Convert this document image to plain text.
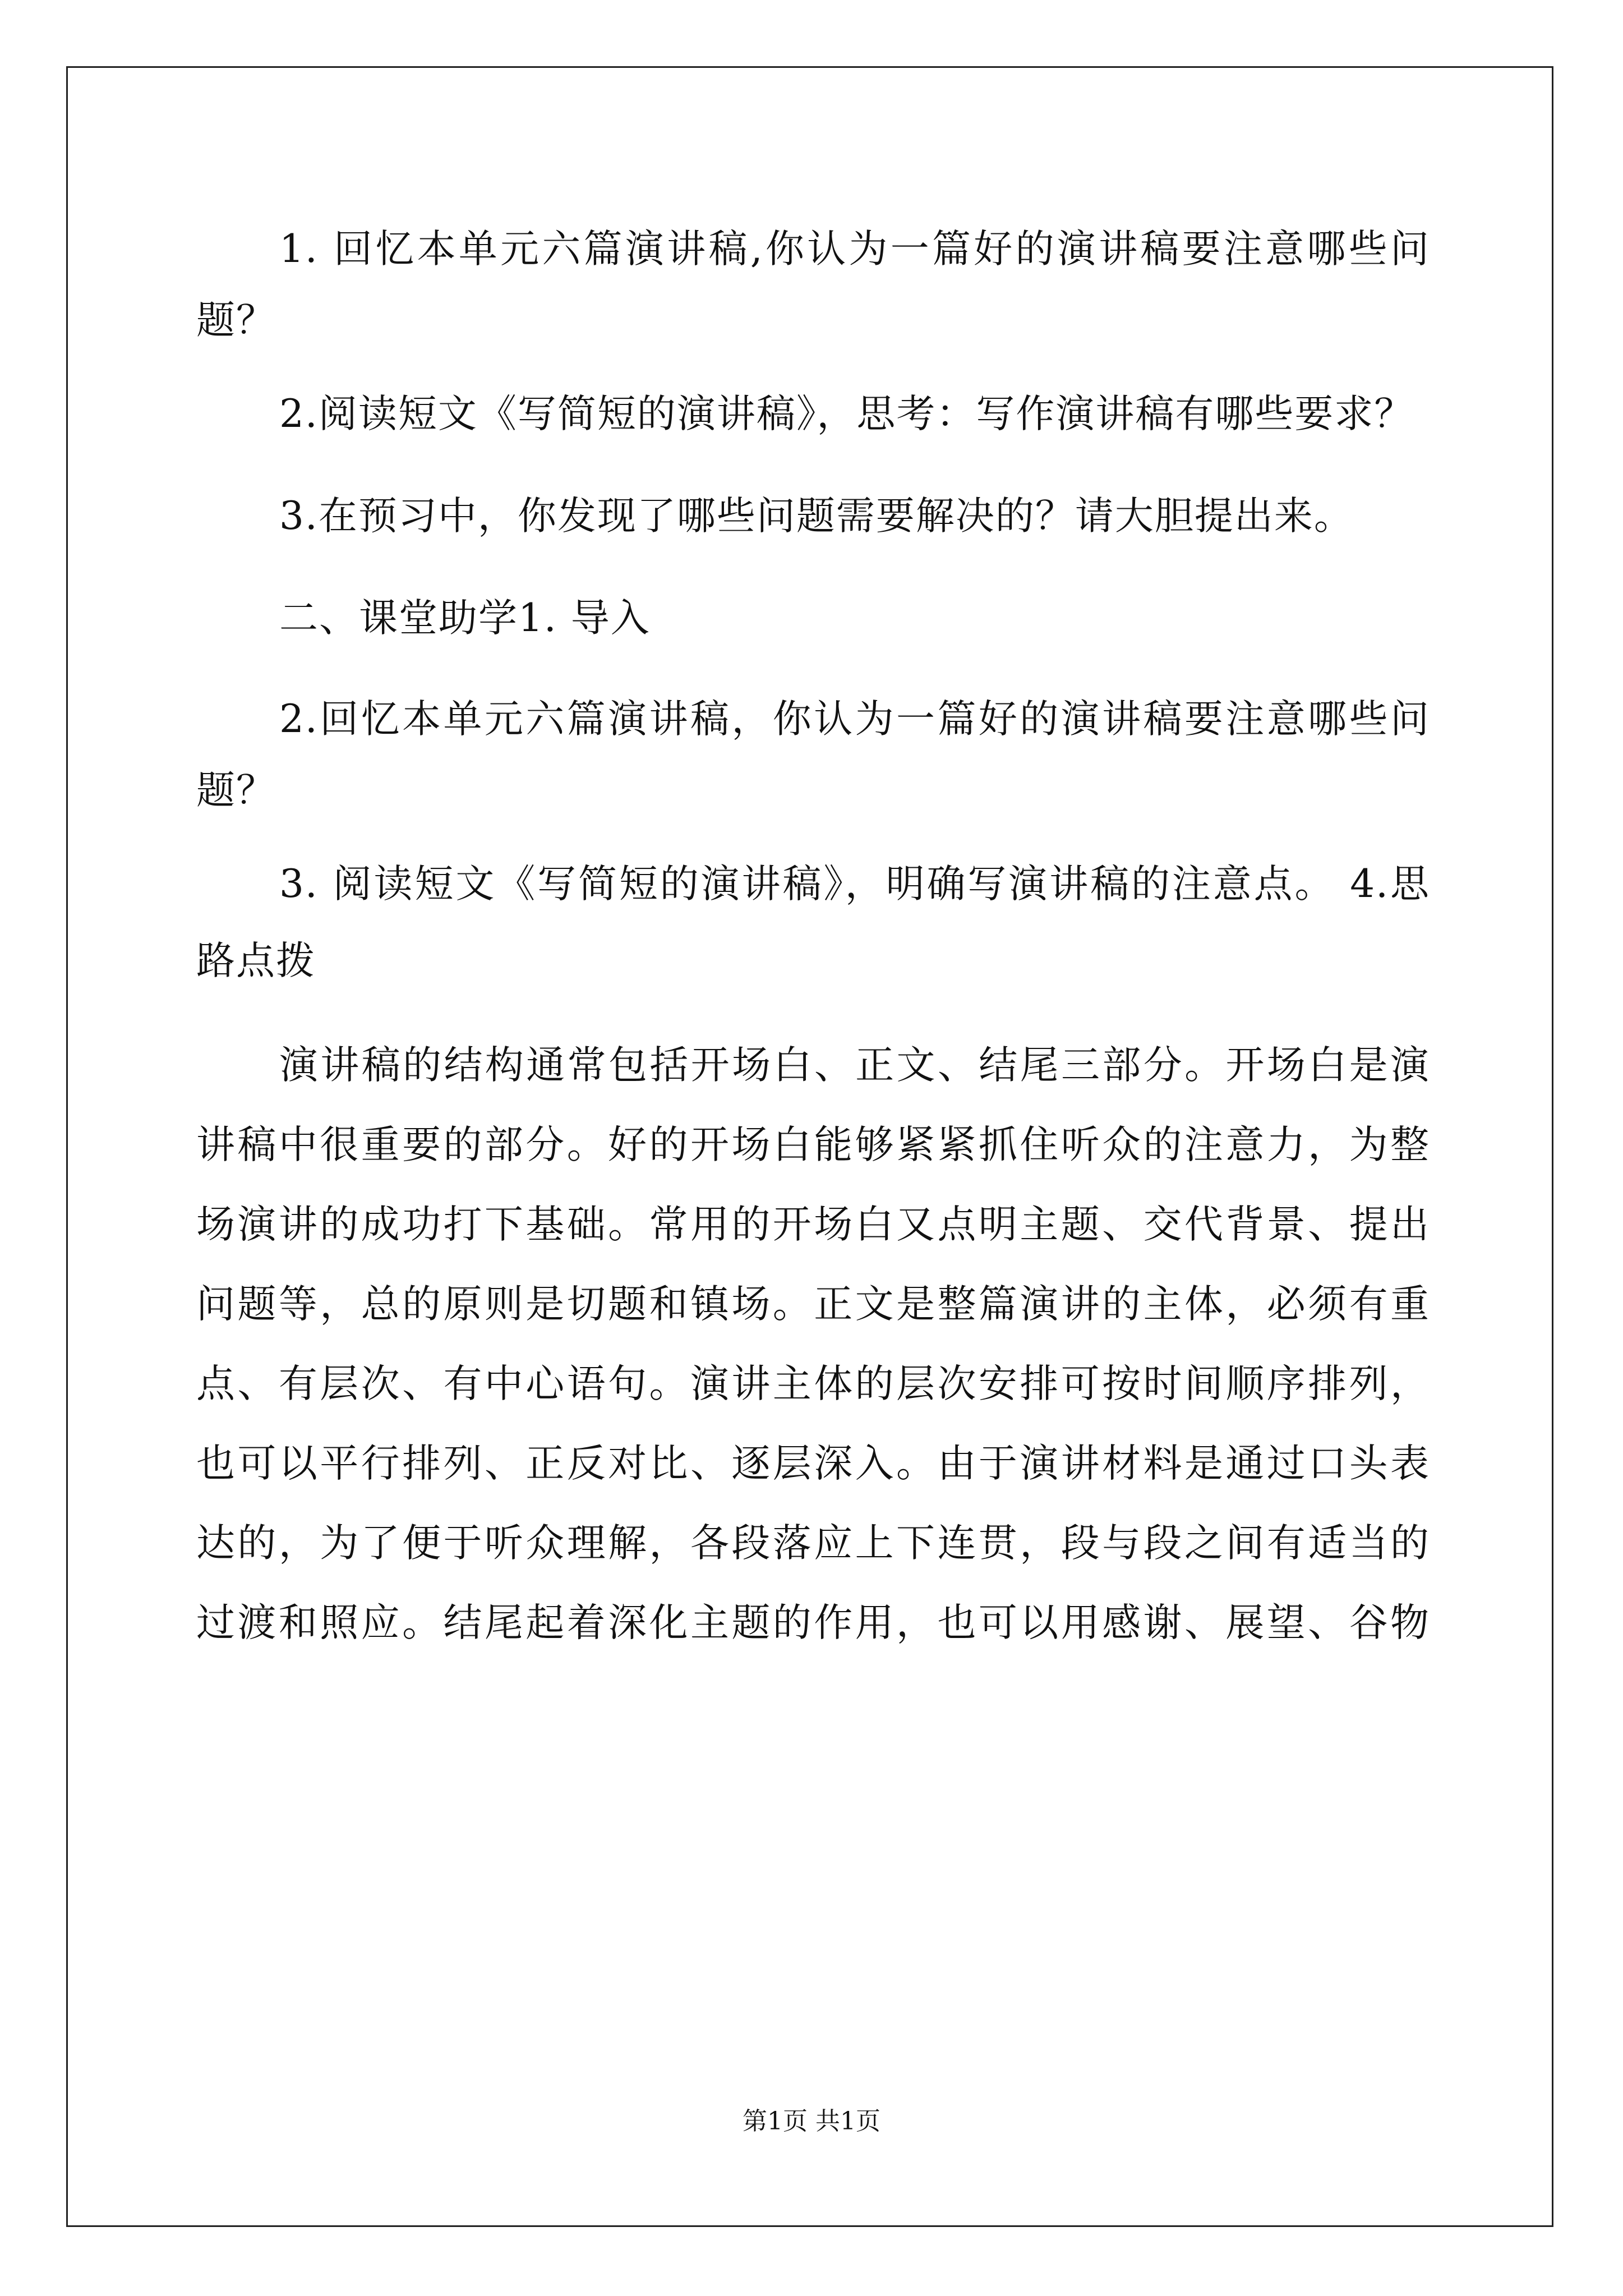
1. 回忆本单元六篇演讲稿,你认为一篇好的演讲稿要注意哪些问
题？
2.阅读短文《写简短的演讲稿》，思考：写作演讲稿有哪些要求？
3.在预习中，你发现了哪些问题需要解决的？请大胆提出来。
二、课堂助学1. 导入
2.回忆本单元六篇演讲稿，你认为一篇好的演讲稿要注意哪些问
题？
3. 阅读短文《写简短的演讲稿》，明确写演讲稿的注意点。 4.思
路点拨
演讲稿的结构通常包括开场白、正文、结尾三部分。开场白是演
讲稿中很重要的部分。好的开场白能够紧紧抓住听众的注意力，为整
场演讲的成功打下基础。常用的开场白又点明主题、交代背景、提出
问题等，总的原则是切题和镇场。正文是整篇演讲的主体，必须有重
点、有层次、有中心语句。演讲主体的层次安排可按时间顺序排列，
也可以平行排列、正反对比、逐层深入。由于演讲材料是通过口头表
达的，为了便于听众理解，各段落应上下连贯，段与段之间有适当的
过渡和照应。结尾起着深化主题的作用，也可以用感谢、展望、谷物
第1页 共1页
